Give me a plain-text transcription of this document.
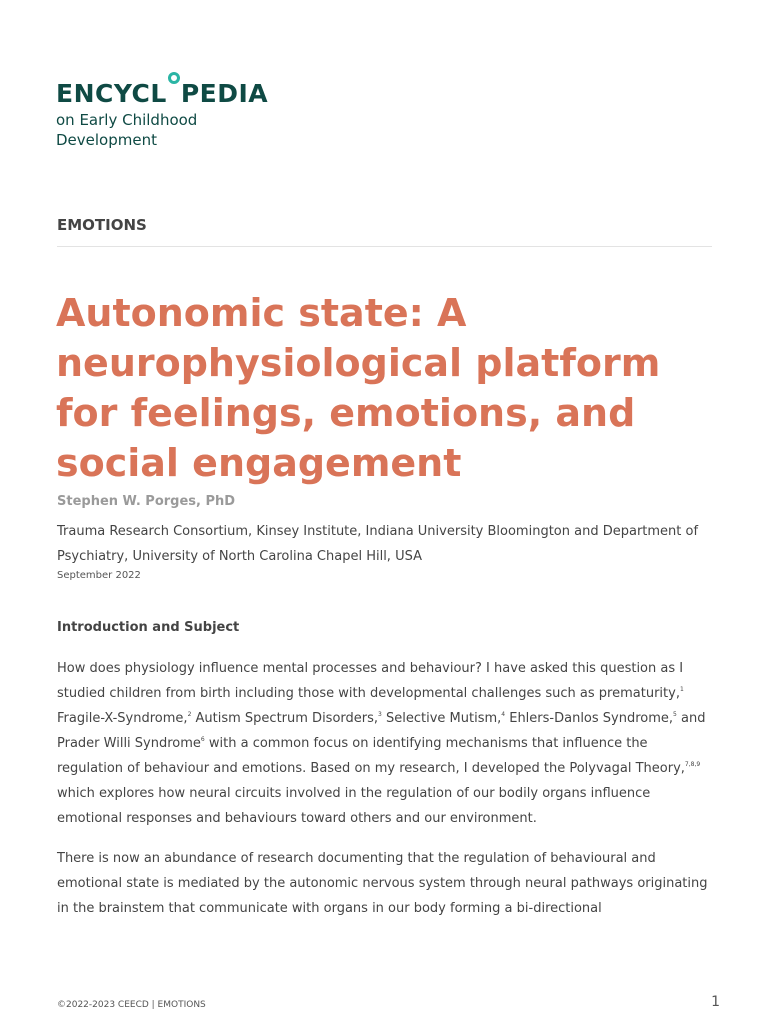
ENCYCL PEDIA
on Early Childhood
Development
EMOTIONS
Autonomic state: A neurophysiological platform for feelings, emotions, and social engagement
Stephen W. Porges, PhD
Trauma Research Consortium, Kinsey Institute, Indiana University Bloomington and Department of Psychiatry, University of North Carolina Chapel Hill, USA
September 2022
Introduction and Subject

How does physiology influence mental processes and behaviour? I have asked this question as I studied children from birth including those with developmental challenges such as prematurity,$^1$ Fragile-X-Syndrome,$^2$ Autism Spectrum Disorders,$^3$ Selective Mutism,$^4$ Ehlers-Danlos Syndrome,$^5$ and Prader Willi Syndrome$^6$ with a common focus on identifying mechanisms that influence the regulation of behaviour and emotions. Based on my research, I developed the Polyvagal Theory,$^{7,8,9}$ which explores how neural circuits involved in the regulation of our bodily organs influence emotional responses and behaviours toward others and our environment.

There is now an abundance of research documenting that the regulation of behavioural and emotional state is mediated by the autonomic nervous system through neural pathways originating in the brainstem that communicate with organs in our body forming a bi-directional

©2022-2023 CEECD | EMOTIONS	1
